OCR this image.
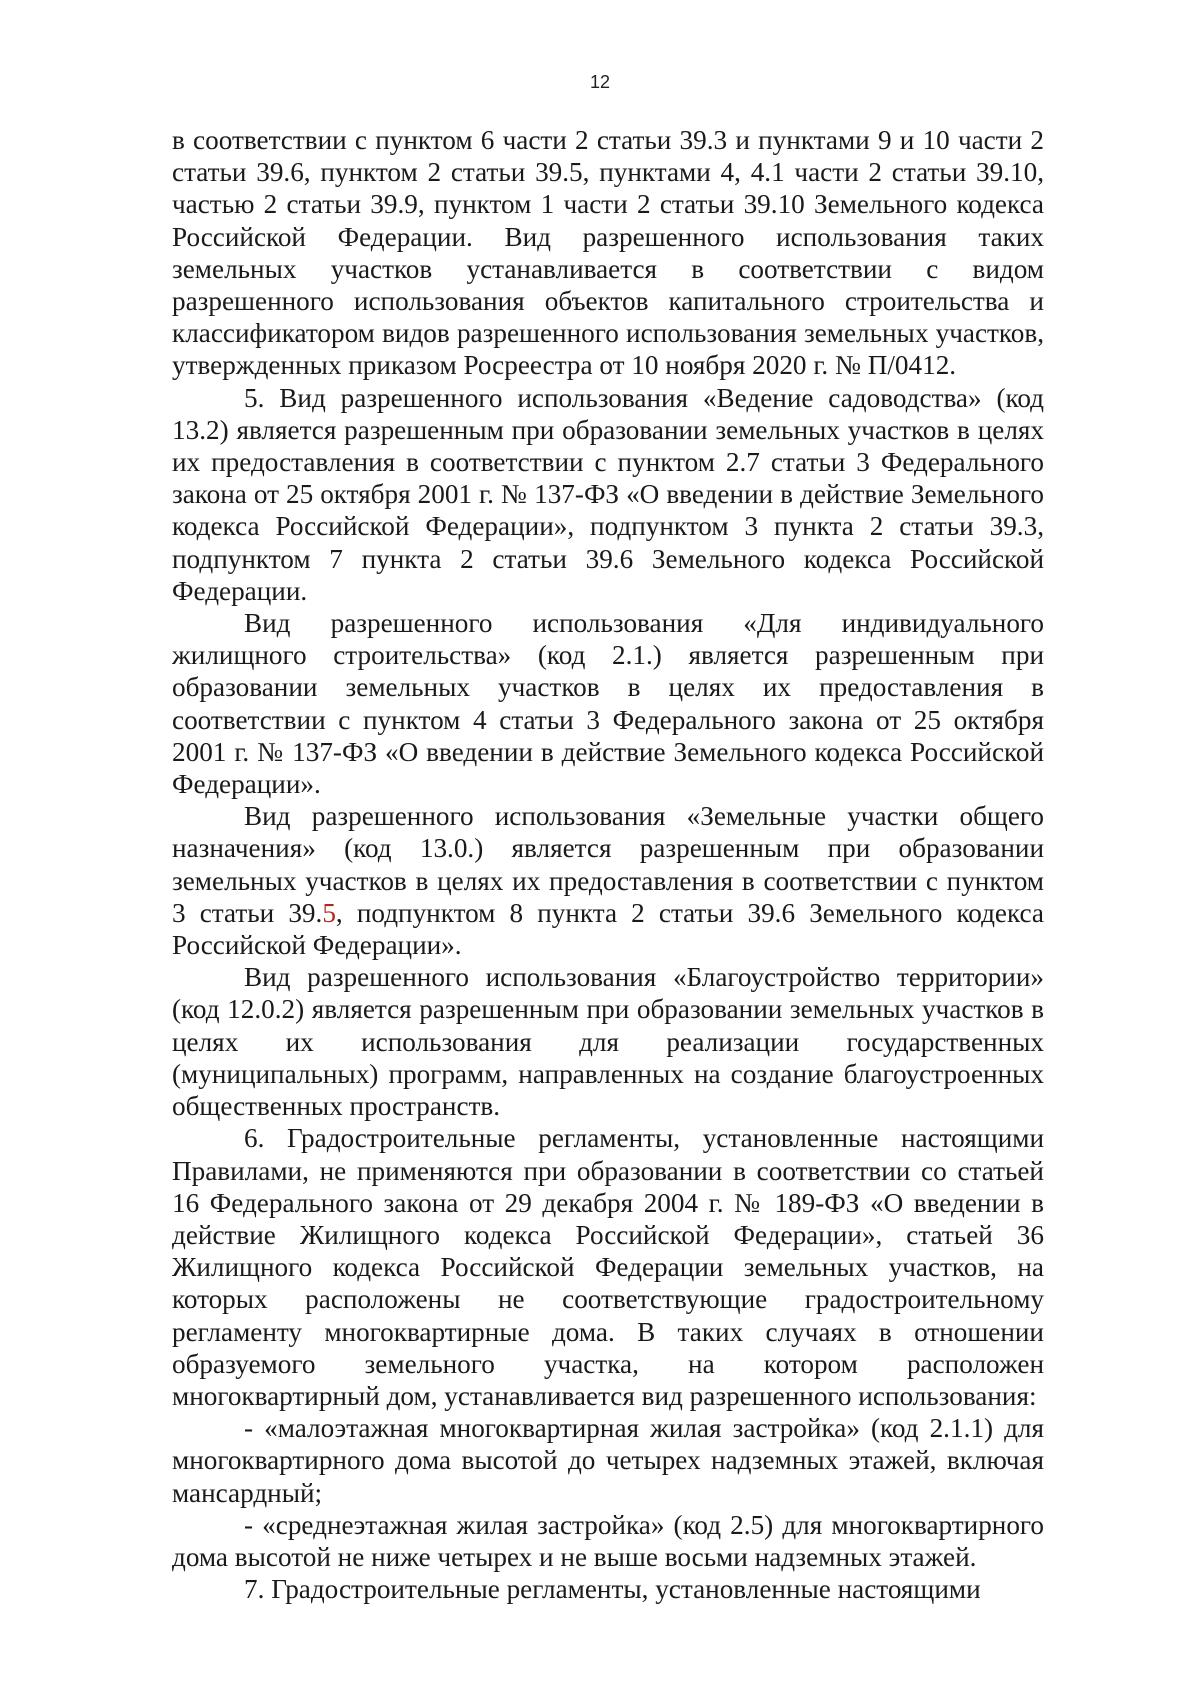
12

в соответствии с пунктом 6 части 2 статьи 39.3 и пунктами 9 и 10 части 2 статьи 39.6, пунктом 2 статьи 39.5, пунктами 4, 4.1 части 2 статьи 39.10, частью 2 статьи 39.9, пунктом 1 части 2 статьи 39.10 Земельного кодекса Российской Федерации. Вид разрешенного использования таких земельных участков устанавливается в соответствии с видом разрешенного использования объектов капитального строительства и классификатором видов разрешенного использования земельных участков, утвержденных приказом Росреестра от 10 ноября 2020 г. № П/0412.

5. Вид разрешенного использования «Ведение садоводства» (код 13.2) является разрешенным при образовании земельных участков в целях их предоставления в соответствии с пунктом 2.7 статьи 3 Федерального закона от 25 октября 2001 г. № 137-ФЗ «О введении в действие Земельного кодекса Российской Федерации», подпунктом 3 пункта 2 статьи 39.3, подпунктом 7 пункта 2 статьи 39.6 Земельного кодекса Российской Федерации.

Вид разрешенного использования «Для индивидуального жилищного строительства» (код 2.1.) является разрешенным при образовании земельных участков в целях их предоставления в соответствии с пунктом 4 статьи 3 Федерального закона от 25 октября 2001 г. № 137-ФЗ «О введении в действие Земельного кодекса Российской Федерации».

Вид разрешенного использования «Земельные участки общего назначения» (код 13.0.) является разрешенным при образовании земельных участков в целях их предоставления в соответствии с пунктом 3 статьи 39.5, подпунктом 8 пункта 2 статьи 39.6 Земельного кодекса Российской Федерации».

Вид разрешенного использования «Благоустройство территории» (код 12.0.2) является разрешенным при образовании земельных участков в целях их использования для реализации государственных (муниципальных) программ, направленных на создание благоустроенных общественных пространств.

6. Градостроительные регламенты, установленные настоящими Правилами, не применяются при образовании в соответствии со статьей 16 Федерального закона от 29 декабря 2004 г. № 189-ФЗ «О введении в действие Жилищного кодекса Российской Федерации», статьей 36 Жилищного кодекса Российской Федерации земельных участков, на которых расположены не соответствующие градостроительному регламенту многоквартирные дома. В таких случаях в отношении образуемого земельного участка, на котором расположен многоквартирный дом, устанавливается вид разрешенного использования:

- «малоэтажная многоквартирная жилая застройка» (код 2.1.1) для многоквартирного дома высотой до четырех надземных этажей, включая мансардный;

- «среднеэтажная жилая застройка» (код 2.5) для многоквартирного дома высотой не ниже четырех и не выше восьми надземных этажей.

7. Градостроительные регламенты, установленные настоящими
